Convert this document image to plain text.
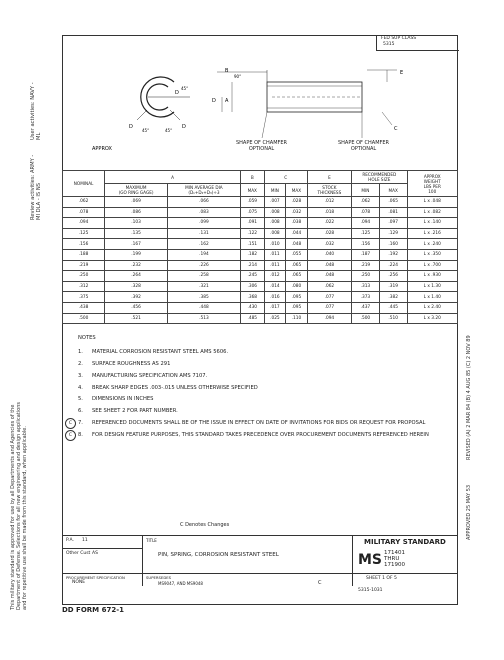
User activities: NAVY - ML
Review activities: ARMY - MI DLA - IS NS
This military standard is approved for use by all Departments and Agencies of the Department of Defense. Selections for all new engineering and design applications and for repetitive use shall be made from this standard, when applicable.
REVISED (A) 2 MAR 84 (B) 4 AUG 85 (C) 2 NOV 89
APPROVED 25 MAY 53
FED SUP CLASS
5315
B
90°
A
D
E
C
D	D
D
45°	45°
45°
APPROX
SHAPE OF CHAMFER
OPTIONAL
SHAPE OF CHAMFER
OPTIONAL
NOMINAL	A		B	C		E	RECOMMENDED
HOLE SIZE		APPROX
WEIGHT
LBS PER
100
	MAXIMUM
(GO RING GAGE)	MIN AVERAGE DIA
(D₁+D₂+D₃)÷3	MAX	MIN	MAX	STOCK
THICKNESS	MIN	MAX	
.062	.069	.066	.059	.007	.028	.012	.062	.065	L x .048
.078	.086	.083	.075	.008	.032	.018	.078	.081	L x .082
.094	.103	.099	.091	.008	.038	.022	.094	.097	L x .140
.125	.135	.131	.122	.008	.044	.028	.125	.129	L x .216
.156	.167	.162	.151	.010	.048	.032	.156	.160	L x .240
.188	.199	.194	.182	.011	.055	.040	.187	.192	L x .350
.219	.232	.226	.214	.011	.065	.048	.219	.224	L x .700
.250	.264	.258	.245	.012	.065	.048	.250	.256	L x .930
.312	.328	.321	.306	.014	.080	.062	.313	.319	L x 1.30
.375	.392	.385	.368	.016	.095	.077	.373	.382	L x 1.40
.438	.456	.448	.430	.017	.095	.077	.437	.445	L x 2.40
.500	.521	.513	.485	.025	.110	.094	.500	.510	L x 3.20
NOTES
1. MATERIAL CORROSION RESISTANT STEEL AMS 5606.
2. SURFACE ROUGHNESS AS 291
3. MANUFACTURING SPECIFICATION AMS 7107.
4. BREAK SHARP EDGES .003-.015 UNLESS OTHERWISE SPECIFIED
5. DIMENSIONS IN INCHES
6. SEE SHEET 2 FOR PART NUMBER.
C	7. REFERENCED DOCUMENTS SHALL BE OF THE ISSUE IN EFFECT ON DATE OF INVITATIONS FOR BIDS OR REQUEST FOR PROPOSAL
C	8. FOR DESIGN FEATURE PURPOSES, THIS STANDARD TAKES PRECEDENCE OVER PROCUREMENT DOCUMENTS REFERENCED HEREIN
C Denotes Changes
P.A. 11
Other Cust AS
TITLE
PIN, SPRING, CORROSION RESISTANT STEEL
MILITARY STANDARD
MS 171401
THRU
171900
PROCUREMENT SPECIFICATION
NONE
SUPERSEDES
MS9047, AND MS9048	C
SHEET 1 OF 5
5315-1031
DD FORM 672-1
